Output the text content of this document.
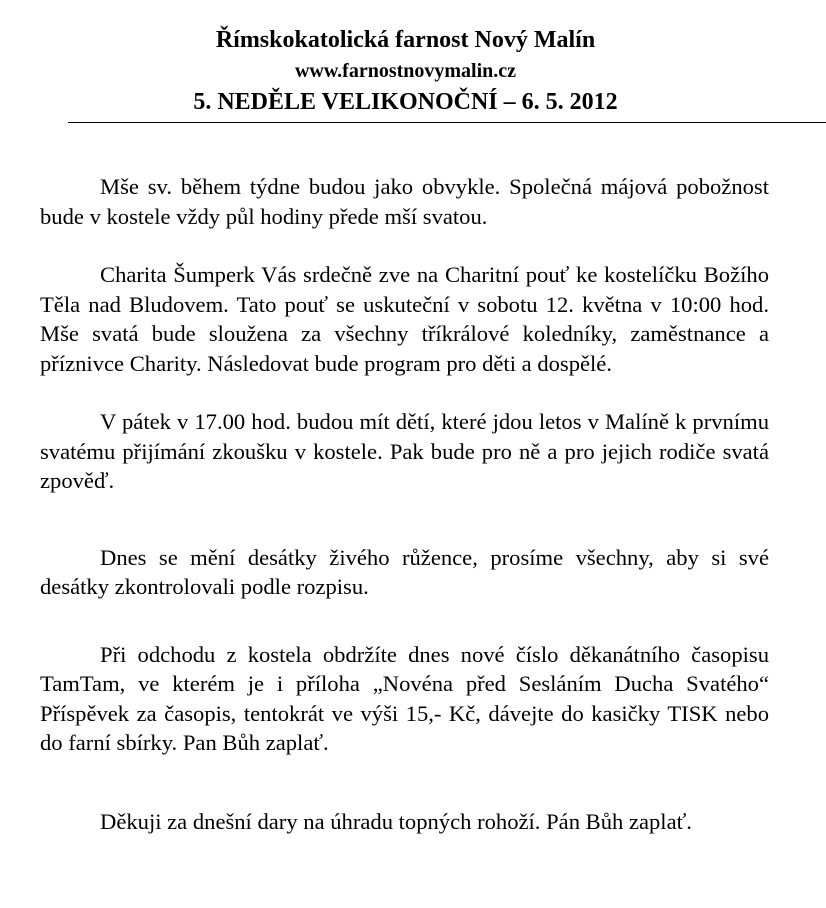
Římskokatolická farnost Nový Malín
www.farnostnovymalin.cz
5. NEDĚLE VELIKONOČNÍ – 6. 5. 2012

Mše sv. během týdne budou jako obvykle. Společná májová pobožnost bude v kostele vždy půl hodiny přede mší svatou.

Charita Šumperk Vás srdečně zve na Charitní pouť ke kostelíčku Božího Těla nad Bludovem. Tato pouť se uskuteční v sobotu 12. května v 10:00 hod. Mše svatá bude sloužena za všechny tříkrálové koledníky, zaměstnance a příznivce Charity. Následovat bude program pro děti a dospělé.

V pátek v 17.00 hod. budou mít dětí, které jdou letos v Malíně k prvnímu svatému přijímání zkoušku v kostele. Pak bude pro ně a pro jejich rodiče svatá zpověď.

Dnes se mění desátky živého růžence, prosíme všechny, aby si své desátky zkontrolovali podle rozpisu.

Při odchodu z kostela obdržíte dnes nové číslo děkanátního časopisu TamTam, ve kterém je i příloha „Novéna před Sesláním Ducha Svatého“ Příspěvek za časopis, tentokrát ve výši 15,- Kč, dávejte do kasičky TISK nebo do farní sbírky. Pan Bůh zaplať.

Děkuji za dnešní dary na úhradu topných rohoží. Pán Bůh zaplať.
